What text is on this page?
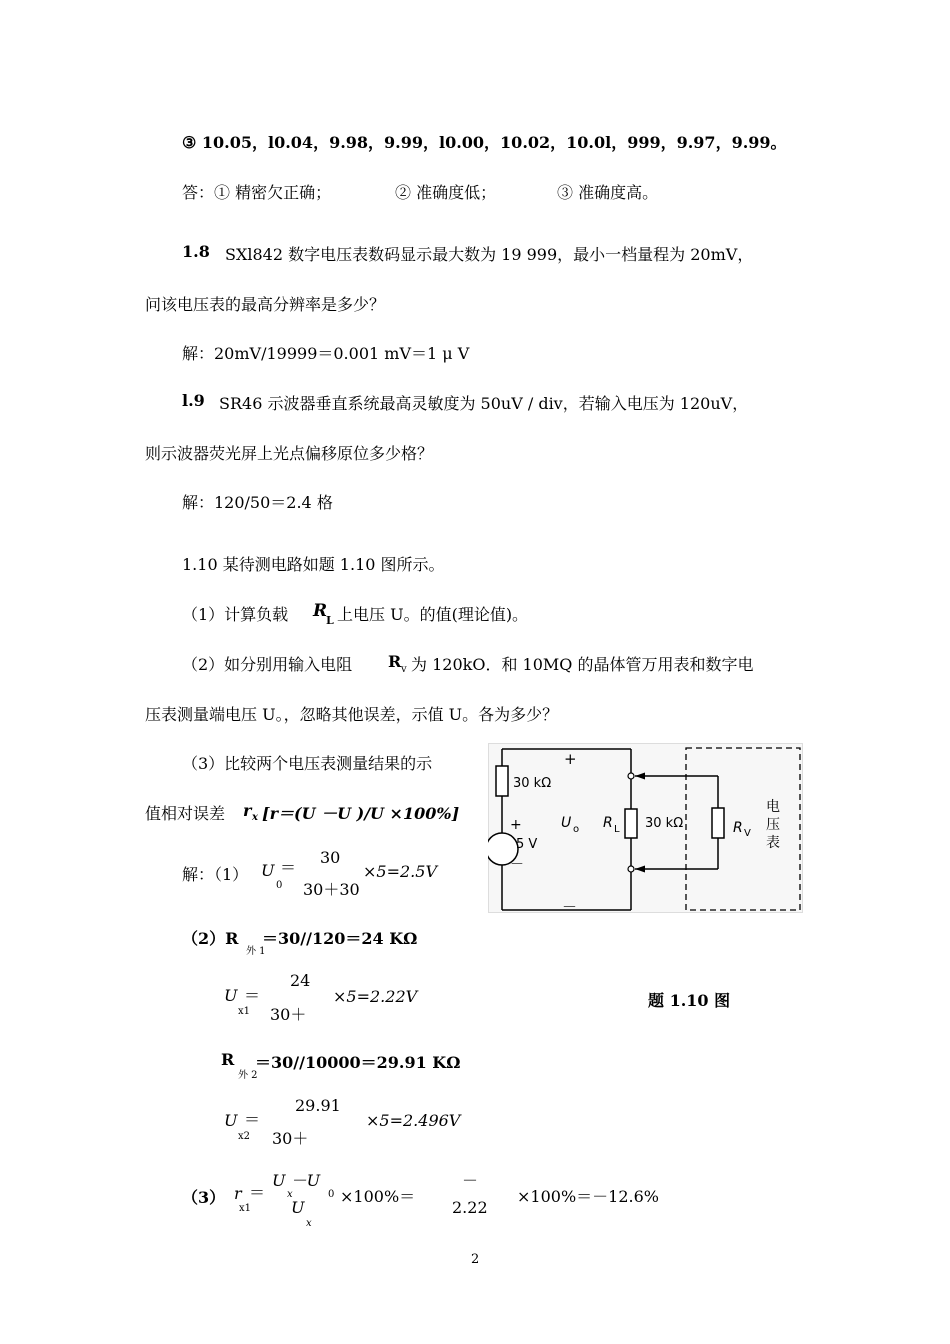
③ 10.05，l0.04，9.98，9.99，l0.00，10.02，10.0l，999，9.97，9.99。
答：① 精密欠正确；	② 准确度低；	③ 准确度高。
1.8 SXl842 数字电压表数码显示最大数为 19 999，最小一档量程为 20mV，
问该电压表的最高分辨率是多少？
解：20mV/19999＝0.001 mV＝1 μ V
l.9 SR46 示波器垂直系统最高灵敏度为 50uV / div，若输入电压为 120uV，
则示波器荧光屏上光点偏移原位多少格？
解：120/50＝2.4 格
1.10 某待测电路如题 1.10 图所示。
（1）计算负载 R
L 上电压 U。的值(理论值)。
（2）如分别用输入电阻 R v 为 120kO．和 10MQ 的晶体管万用表和数字电
压表测量端电压 U。，忽略其他误差，示值 U。各为多少？
（3）比较两个电压表测量结果的示
值相对误差 r x [r＝(U －U )/U ×100%]
解：（1） U
0
＝
30
30＋30
×5=2.5V
（2）R
外 1
＝30//120＝24 KΩ
U
x1
＝
24
30＋
×5=2.22V	题 1.10 图
R
外 2
＝30//10000＝29.91 KΩ
U
x2
＝
29.91
30＋
×5=2.496V
（3） r
x1
＝
U －U
x	0 ×100%＝
U
x
－
2.22
×100%＝－12.6%
2
30 kΩ
+
－
+
5 V
－
U o R L 30 kΩ	R V
电
压
表
